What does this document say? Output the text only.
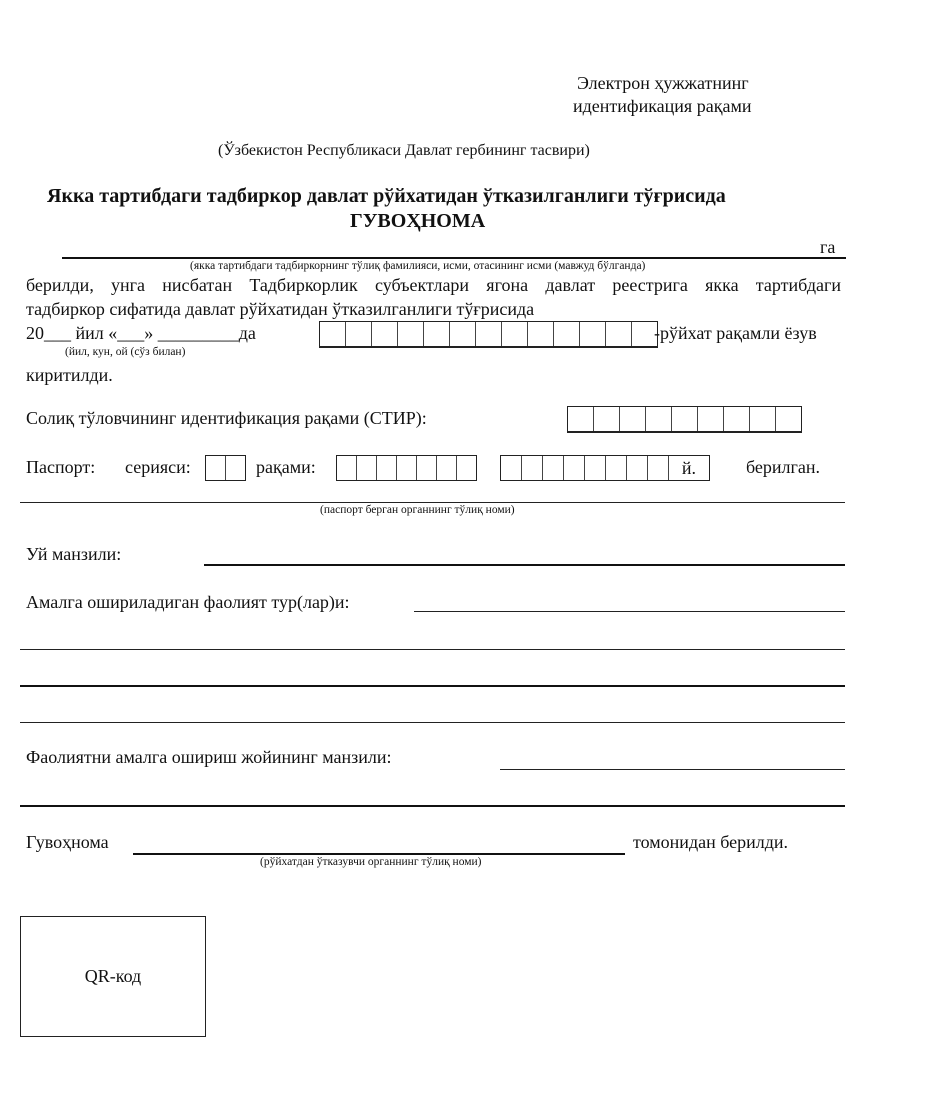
Электрон ҳужжатнинг
идентификация рақами
(Ўзбекистон Республикаси Давлат гербининг тасвири)
Якка тартибдаги тадбиркор давлат рўйхатидан ўтказилганлиги тўғрисида
ГУВОҲНОМА
га
(якка тартибдаги тадбиркорнинг тўлиқ фамилияси, исми, отасининг исми (мавжуд бўлганда)
берилди, унга нисбатан Тадбиркорлик субъектлари ягона давлат реестрига якка тартибдаги
тадбиркор сифатида давлат рўйхатидан ўтказилганлиги тўғрисида
20___ йил «___» _________да
(йил, кун, ой (сўз билан)
-рўйхат рақамли ёзув
киритилди.
Солиқ тўловчининг идентификация рақами (СТИР):
Паспорт: серияси:	рақами:	й.	берилган.
(паспорт берган органнинг тўлиқ номи)
Уй манзили:
Амалга ошириладиган фаолият тур(лар)и:
Фаолиятни амалга ошириш жойининг манзили:
Гувоҳнома	томонидан берилди.
(рўйхатдан ўтказувчи органнинг тўлиқ номи)
QR-код
